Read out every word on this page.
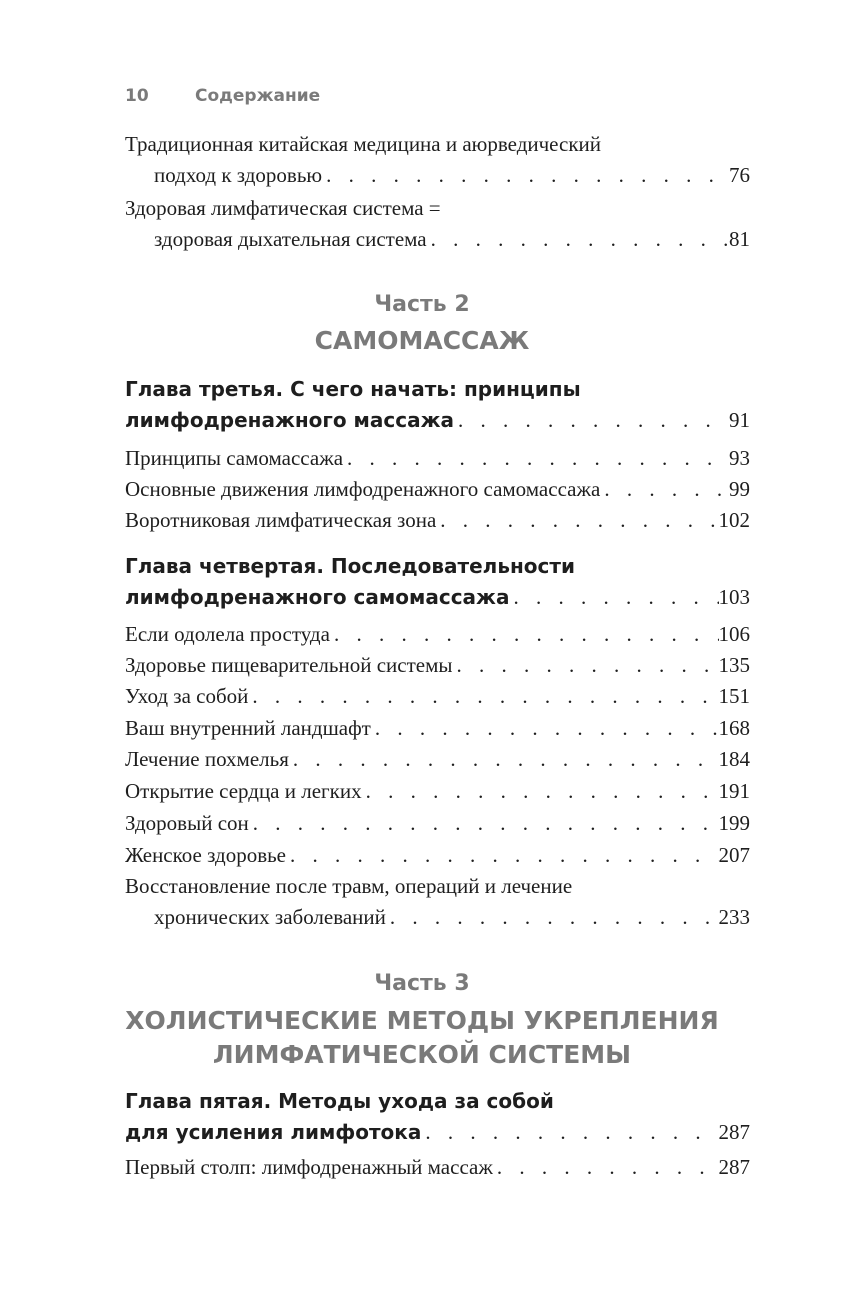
10	Содержание
Традиционная китайская медицина и аюрведический
подход к здоровью . . .	76
Здоровая лимфатическая система =
здоровая дыхательная система . . .	81
Часть 2
САМОМАССАЖ
Глава третья. С чего начать: принципы
лимфодренажного массажа . . .	91
Принципы самомассажа . . .	93
Основные движения лимфодренажного самомассажа . . .	99
Воротниковая лимфатическая зона . . .	102
Глава четвертая. Последовательности
лимфодренажного самомассажа . . .	103
Если одолела простуда . . .	106
Здоровье пищеварительной системы . . .	135
Уход за собой . . .	151
Ваш внутренний ландшафт . . .	168
Лечение похмелья . . .	184
Открытие сердца и легких . . .	191
Здоровый сон . . .	199
Женское здоровье . . .	207
Восстановление после травм, операций и лечение
хронических заболеваний . . .	233
Часть 3
ХОЛИСТИЧЕСКИЕ МЕТОДЫ УКРЕПЛЕНИЯ
ЛИМФАТИЧЕСКОЙ СИСТЕМЫ
Глава пятая. Методы ухода за собой
для усиления лимфотока . . .	287
Первый столп: лимфодренажный массаж . . .	287
